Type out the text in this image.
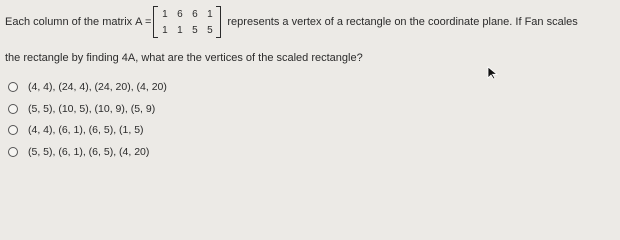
Each column of the matrix A =
1 6 6 1
1 1 5 5
represents a vertex of a rectangle on the coordinate plane. If Fan scales
the rectangle by finding 4A, what are the vertices of the scaled rectangle?
(4, 4), (24, 4), (24, 20), (4, 20)
(5, 5), (10, 5), (10, 9), (5, 9)
(4, 4), (6, 1), (6, 5), (1, 5)
(5, 5), (6, 1), (6, 5), (4, 20)
